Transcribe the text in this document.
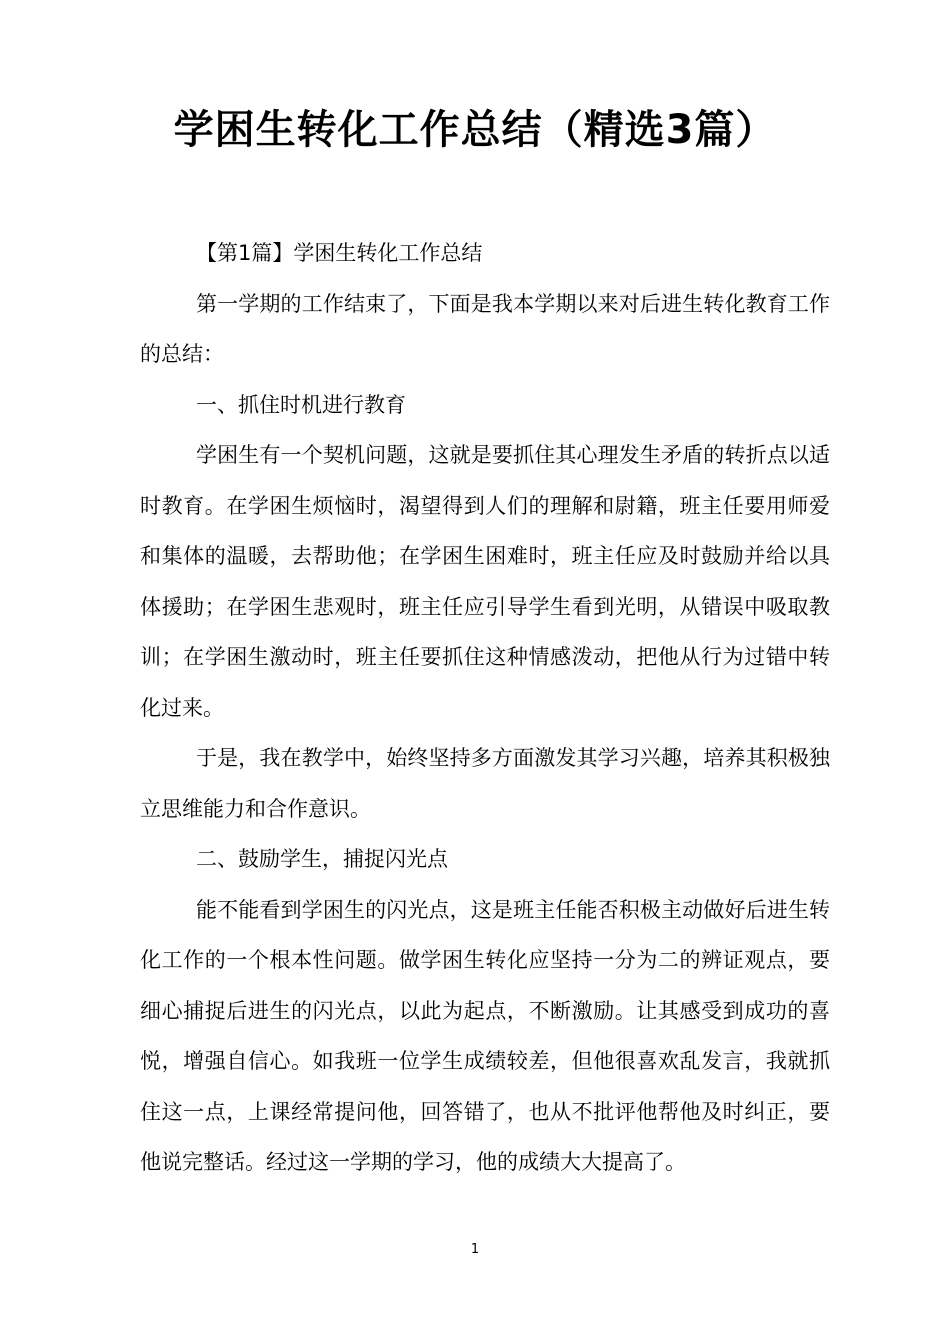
学困生转化工作总结（精选3篇）

【第1篇】学困生转化工作总结

第一学期的工作结束了，下面是我本学期以来对后进生转化教育工作的总结：

一、抓住时机进行教育

学困生有一个契机问题，这就是要抓住其心理发生矛盾的转折点以适时教育。在学困生烦恼时，渴望得到人们的理解和尉籍，班主任要用师爱和集体的温暖，去帮助他；在学困生困难时，班主任应及时鼓励并给以具体援助；在学困生悲观时，班主任应引导学生看到光明，从错误中吸取教训；在学困生激动时，班主任要抓住这种情感泼动，把他从行为过错中转化过来。

于是，我在教学中，始终坚持多方面激发其学习兴趣，培养其积极独立思维能力和合作意识。

二、鼓励学生，捕捉闪光点

能不能看到学困生的闪光点，这是班主任能否积极主动做好后进生转化工作的一个根本性问题。做学困生转化应坚持一分为二的辨证观点，要细心捕捉后进生的闪光点，以此为起点，不断激励。让其感受到成功的喜悦，增强自信心。如我班一位学生成绩较差，但他很喜欢乱发言，我就抓住这一点，上课经常提问他，回答错了，也从不批评他帮他及时纠正，要他说完整话。经过这一学期的学习，他的成绩大大提高了。

1
